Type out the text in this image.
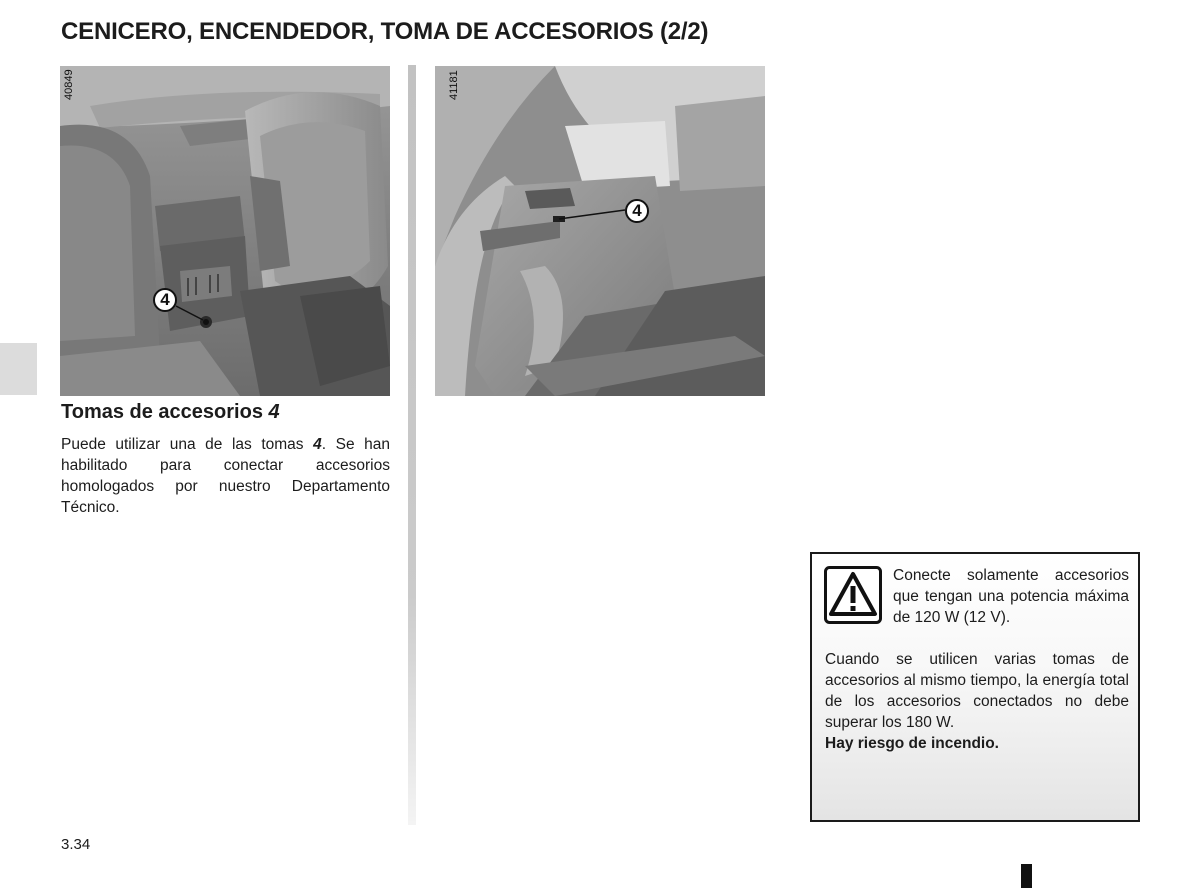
CENICERO, ENCENDEDOR, TOMA DE ACCESORIOS (2/2)
40849
4
41181
4
Tomas de accesorios 4

Puede utilizar una de las tomas 4. Se han habilitado para conectar accesorios homologados por nuestro Departamento Técnico.

Conecte solamente accesorios que tengan una potencia máxima de 120 W (12 V).
Cuando se utilicen varias tomas de accesorios al mismo tiempo, la energía total de los accesorios conectados no debe superar los 180 W.
Hay riesgo de incendio.
3.34
